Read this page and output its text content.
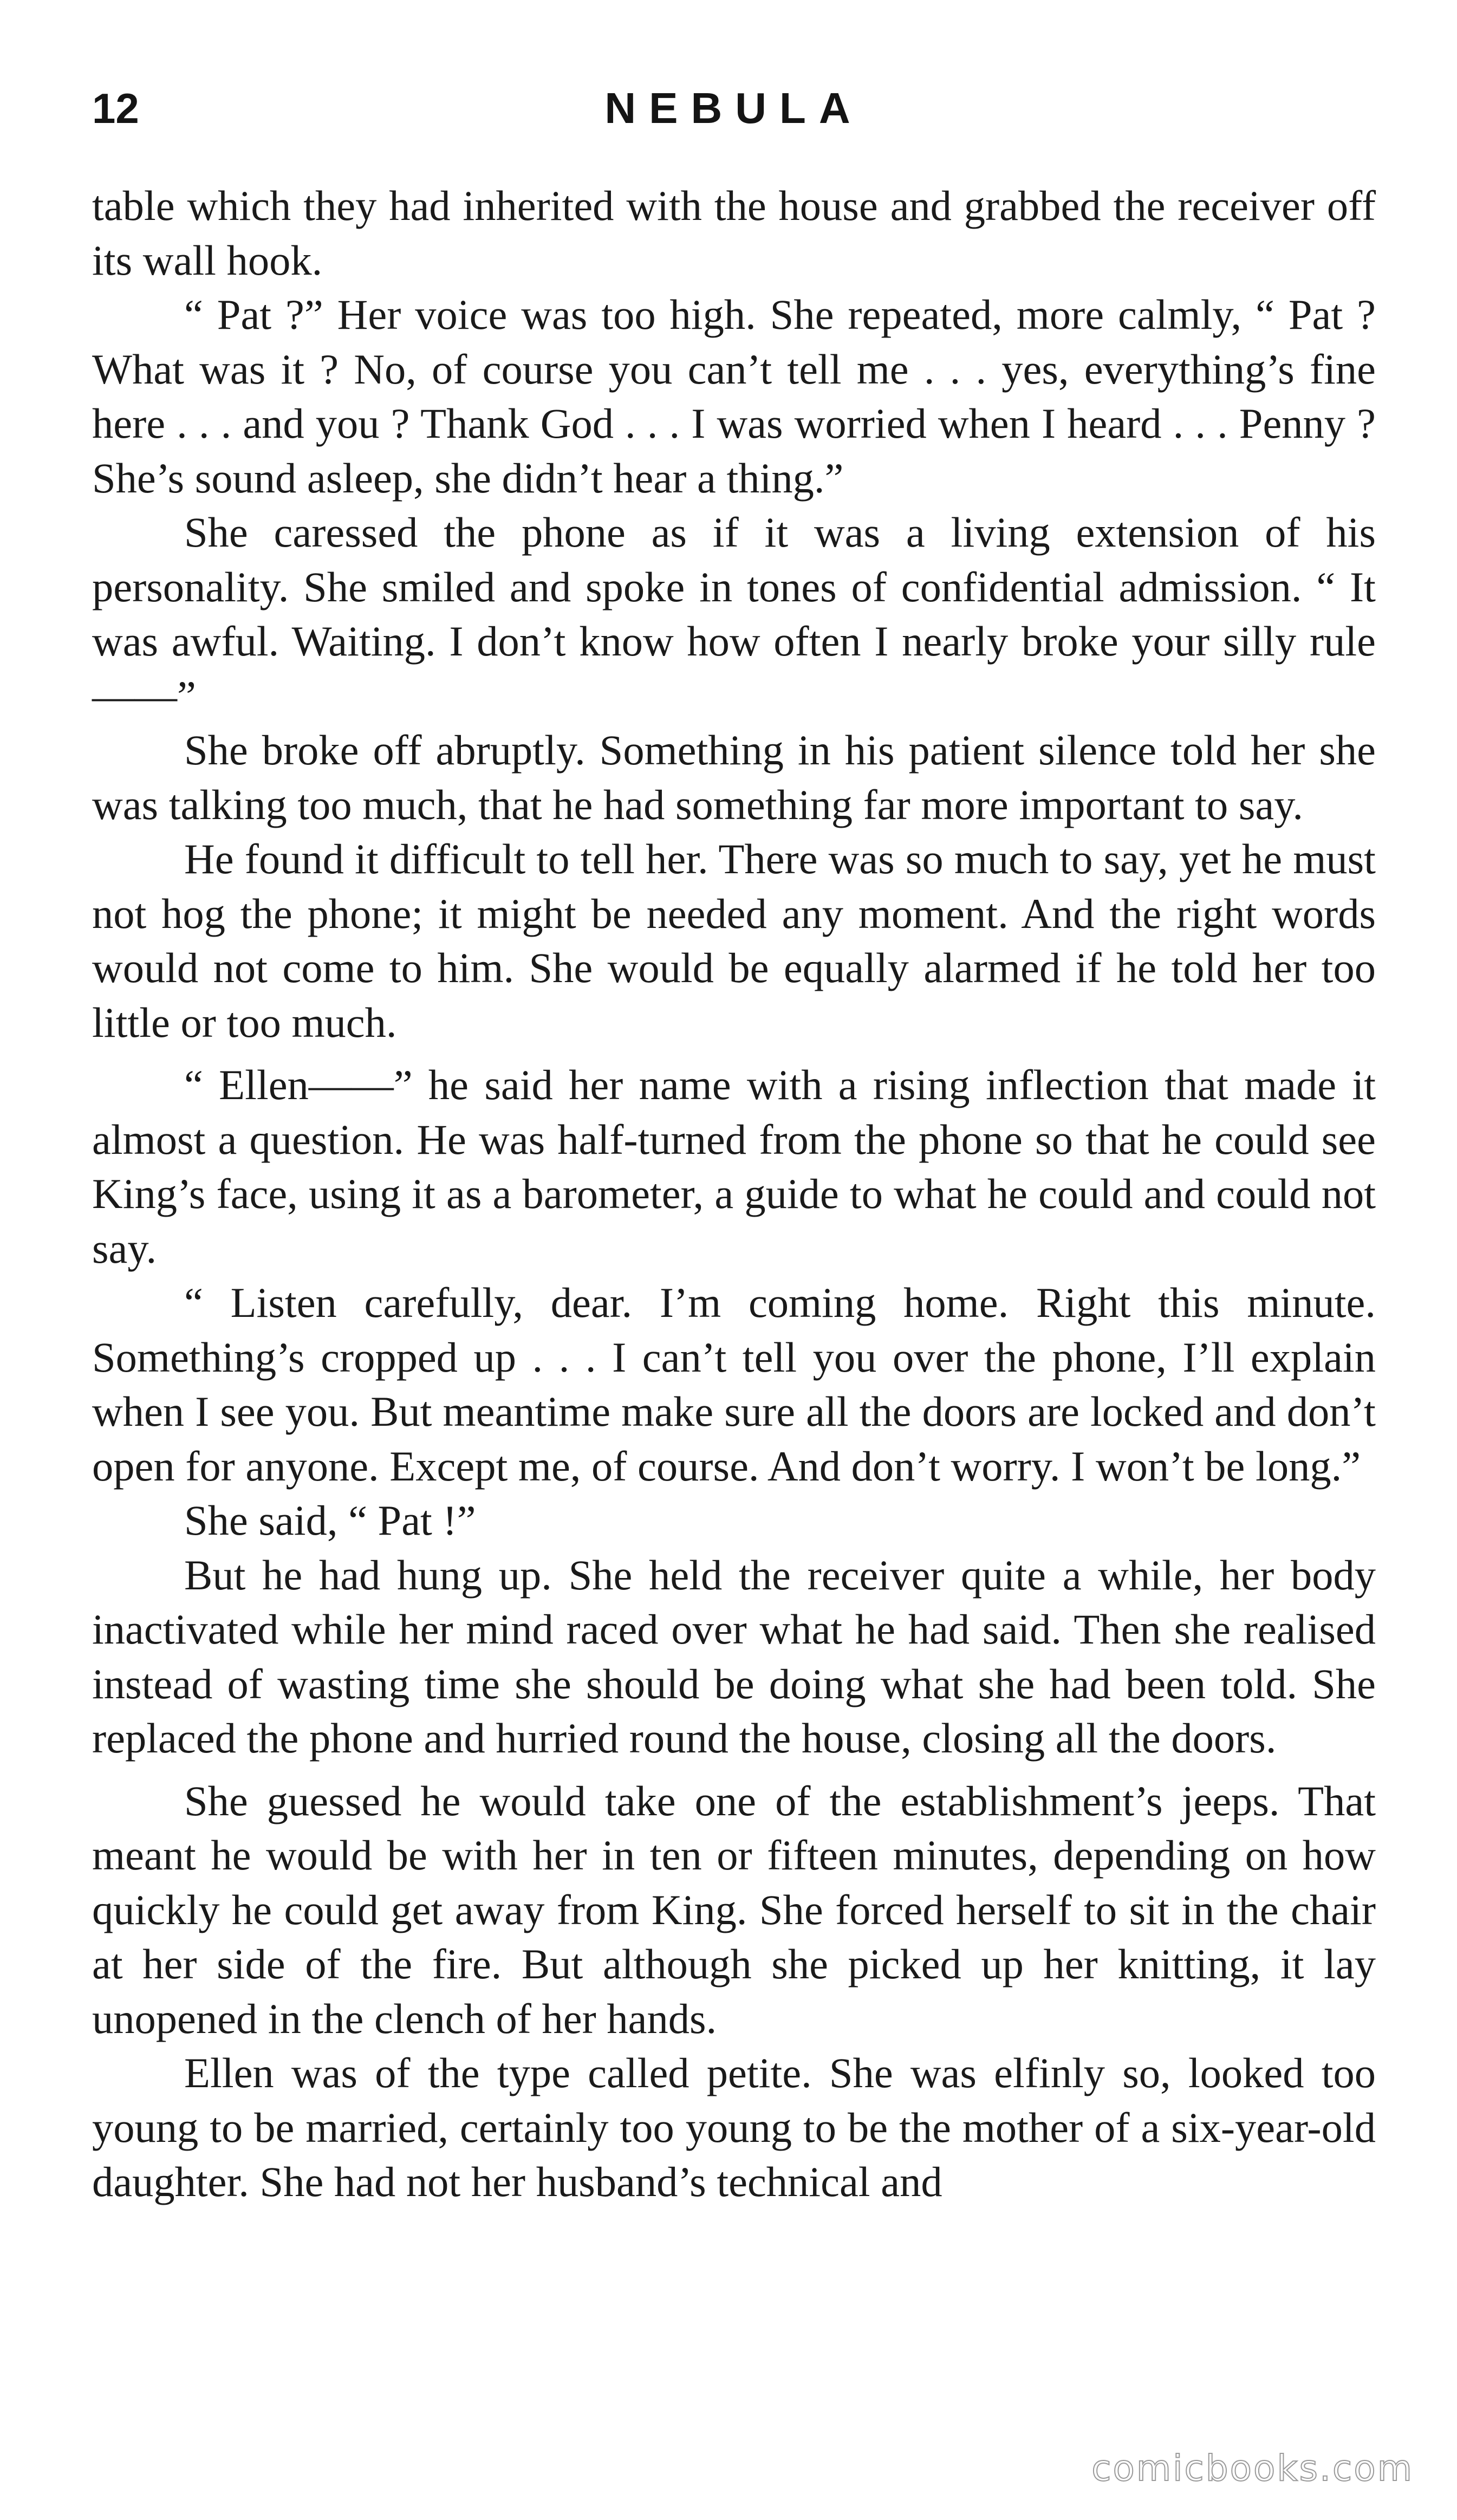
12	NEBULA

table which they had inherited with the house and grabbed the receiver off its wall hook.

“ Pat ?” Her voice was too high. She repeated, more calmly, “ Pat ? What was it ? No, of course you can’t tell me . . . yes, everything’s fine here . . . and you ? Thank God . . . I was worried when I heard . . . Penny ? She’s sound asleep, she didn’t hear a thing.”

She caressed the phone as if it was a living extension of his personality. She smiled and spoke in tones of confidential admission. “ It was awful. Waiting. I don’t know how often I nearly broke your silly rule——”

She broke off abruptly. Something in his patient silence told her she was talking too much, that he had something far more important to say.

He found it difficult to tell her. There was so much to say, yet he must not hog the phone; it might be needed any moment. And the right words would not come to him. She would be equally alarmed if he told her too little or too much.

“ Ellen——” he said her name with a rising inflection that made it almost a question. He was half-turned from the phone so that he could see King’s face, using it as a barometer, a guide to what he could and could not say.

“ Listen carefully, dear. I’m coming home. Right this minute. Something’s cropped up . . . I can’t tell you over the phone, I’ll explain when I see you. But meantime make sure all the doors are locked and don’t open for anyone. Except me, of course. And don’t worry. I won’t be long.”

She said, “ Pat !”

But he had hung up. She held the receiver quite a while, her body inactivated while her mind raced over what he had said. Then she realised instead of wasting time she should be doing what she had been told. She replaced the phone and hurried round the house, closing all the doors.

She guessed he would take one of the establishment’s jeeps. That meant he would be with her in ten or fifteen minutes, depending on how quickly he could get away from King. She forced herself to sit in the chair at her side of the fire. But although she picked up her knitting, it lay unopened in the clench of her hands.

Ellen was of the type called petite. She was elfinly so, looked too young to be married, certainly too young to be the mother of a six-year-old daughter. She had not her husband’s technical and

comicbooks.com
